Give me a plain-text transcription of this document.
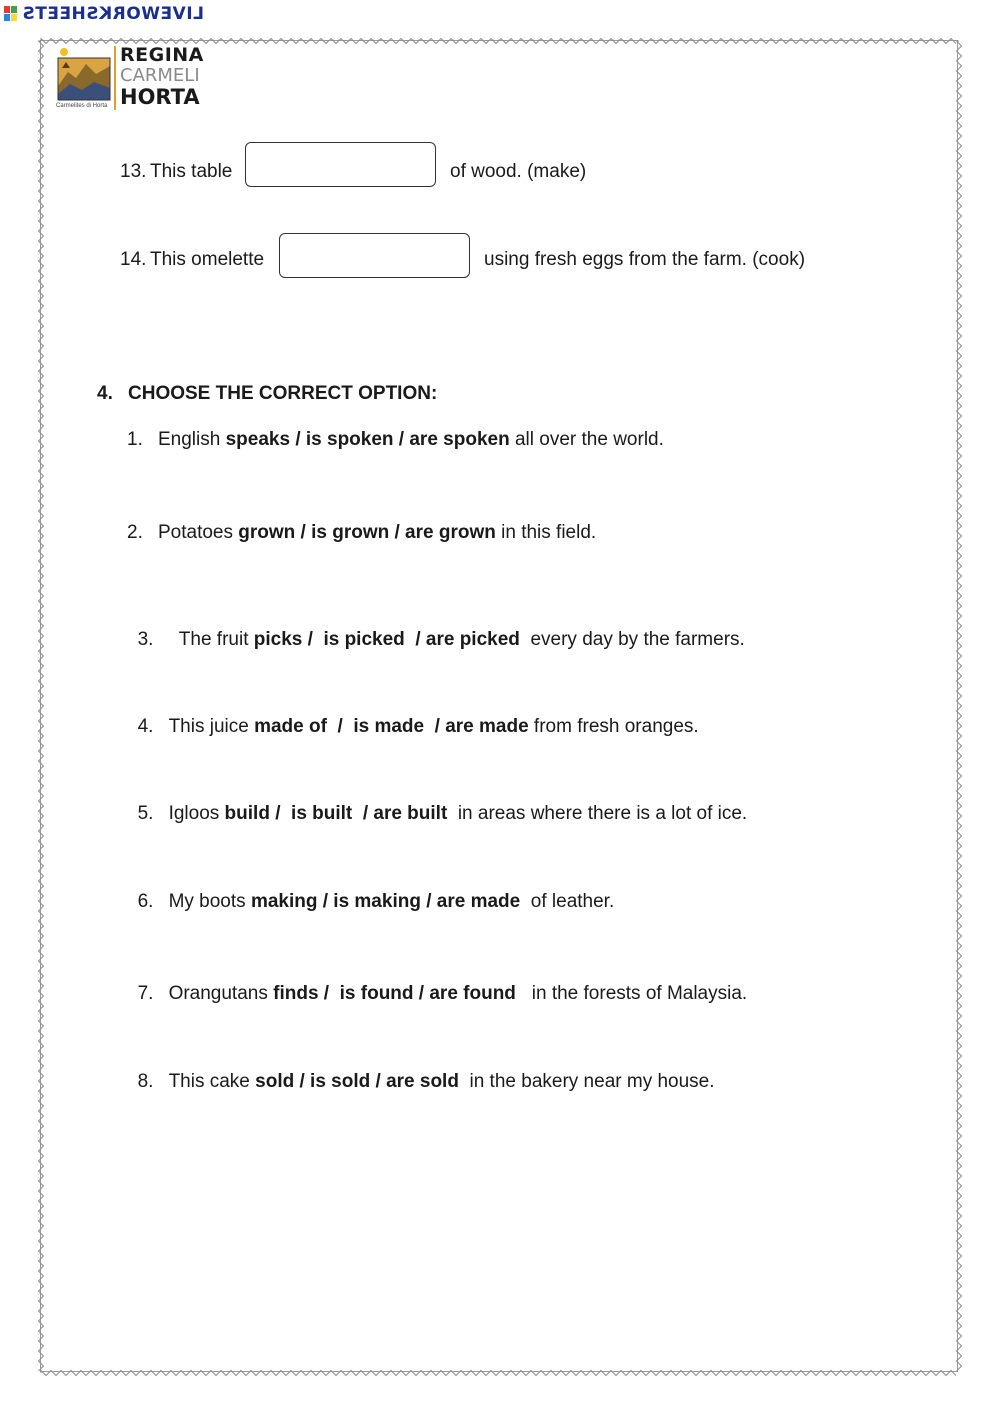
LIVEWORKSHEETS
Carmelites di Horta
REGINA
CARMELI
HORTA
13. This table	of wood. (make)
14. This omelette	using fresh eggs from the farm. (cook)
4. CHOOSE THE CORRECT OPTION:
1. English speaks / is spoken / are spoken all over the world.
2. Potatoes grown / is grown / are grown in this field.

3.  The fruit picks /  is picked  / are picked  every day by the farmers.

4. This juice made of  /  is made  / are made from fresh oranges.

5. Igloos build /  is built  / are built  in areas where there is a lot of ice.

6. My boots making / is making / are made  of leather.

7. Orangutans finds /  is found / are found   in the forests of Malaysia.

8. This cake sold / is sold / are sold  in the bakery near my house.
